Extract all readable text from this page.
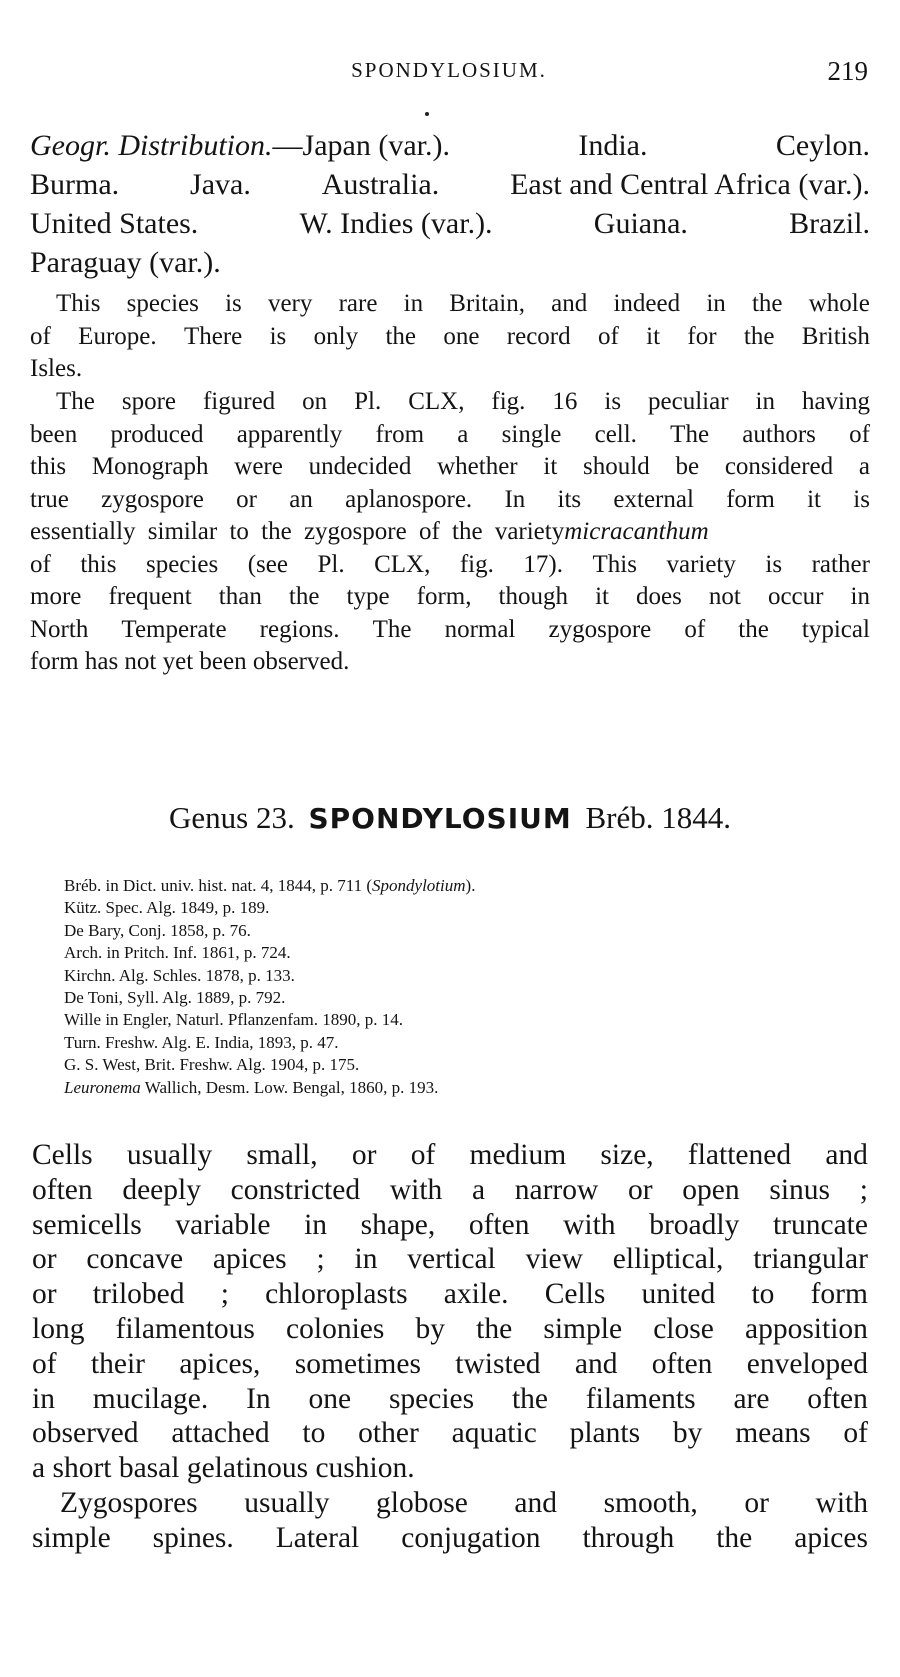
SPONDYLOSIUM.	219
Geogr. Distribution.—Japan (var.).	India.	Ceylon.
Burma. Java. Australia. East and Central Africa (var.).
United States.	W. Indies (var.).	Guiana.	Brazil.
Paraguay (var.).
This species is very rare in Britain, and indeed in the whole
of Europe. There is only the one record of it for the British
Isles.
The spore figured on Pl. CLX, fig. 16 is peculiar in having
been produced apparently from a single cell. The authors of
this Monograph were undecided whether it should be considered a
true zygospore or an aplanospore. In its external form it is
essentially similar to the zygospore of the variety micracanthum
of this species (see Pl. CLX, fig. 17). This variety is rather
more frequent than the type form, though it does not occur in
North Temperate regions. The normal zygospore of the typical
form has not yet been observed.
Genus 23. SPONDYLOSIUM Bréb. 1844.
Bréb. in Dict. univ. hist. nat. 4, 1844, p. 711 (Spondylotium).
Kütz. Spec. Alg. 1849, p. 189.
De Bary, Conj. 1858, p. 76.
Arch. in Pritch. Inf. 1861, p. 724.
Kirchn. Alg. Schles. 1878, p. 133.
De Toni, Syll. Alg. 1889, p. 792.
Wille in Engler, Naturl. Pflanzenfam. 1890, p. 14.
Turn. Freshw. Alg. E. India, 1893, p. 47.
G. S. West, Brit. Freshw. Alg. 1904, p. 175.
Leuronema Wallich, Desm. Low. Bengal, 1860, p. 193.
Cells usually small, or of medium size, flattened and
often deeply constricted with a narrow or open sinus ;
semicells variable in shape, often with broadly truncate
or concave apices ; in vertical view elliptical, triangular
or trilobed ; chloroplasts axile. Cells united to form
long filamentous colonies by the simple close apposition
of their apices, sometimes twisted and often enveloped
in mucilage. In one species the filaments are often
observed attached to other aquatic plants by means of
a short basal gelatinous cushion.
Zygospores usually globose and smooth, or with
simple spines. Lateral conjugation through the apices
